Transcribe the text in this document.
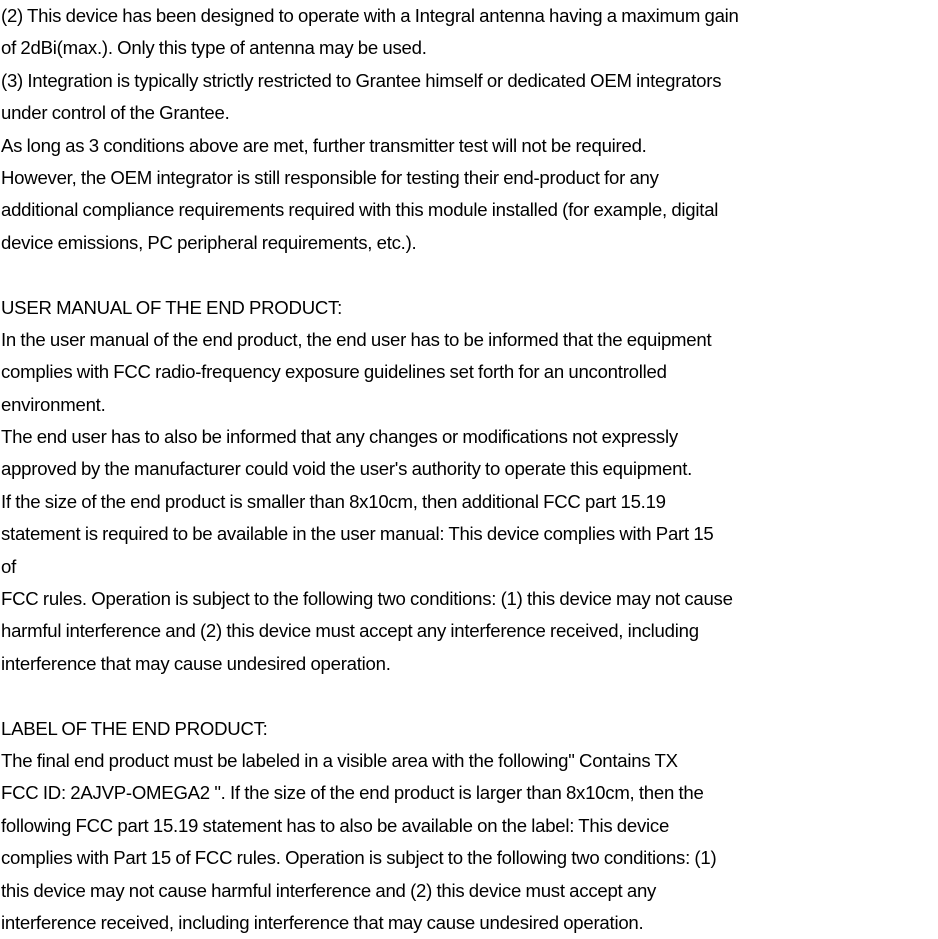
(2) This device has been designed to operate with a Integral antenna having a maximum gain
of 2dBi(max.). Only this type of antenna may be used.
(3) Integration is typically strictly restricted to Grantee himself or dedicated OEM integrators
under control of the Grantee.
As long as 3 conditions above are met, further transmitter test will not be required.
However, the OEM integrator is still responsible for testing their end-product for any
additional compliance requirements required with this module installed (for example, digital
device emissions, PC peripheral requirements, etc.).
USER MANUAL OF THE END PRODUCT:
In the user manual of the end product, the end user has to be informed that the equipment
complies with FCC radio-frequency exposure guidelines set forth for an uncontrolled
environment.
The end user has to also be informed that any changes or modifications not expressly
approved by the manufacturer could void the user's authority to operate this equipment.
If the size of the end product is smaller than 8x10cm, then additional FCC part 15.19
statement is required to be available in the user manual: This device complies with Part 15
of
FCC rules. Operation is subject to the following two conditions: (1) this device may not cause
harmful interference and (2) this device must accept any interference received, including
interference that may cause undesired operation.
LABEL OF THE END PRODUCT:
The final end product must be labeled in a visible area with the following" Contains TX
FCC ID: 2AJVP-OMEGA2 ". If the size of the end product is larger than 8x10cm, then the
following FCC part 15.19 statement has to also be available on the label: This device
complies with Part 15 of FCC rules. Operation is subject to the following two conditions: (1)
this device may not cause harmful interference and (2) this device must accept any
interference received, including interference that may cause undesired operation.
